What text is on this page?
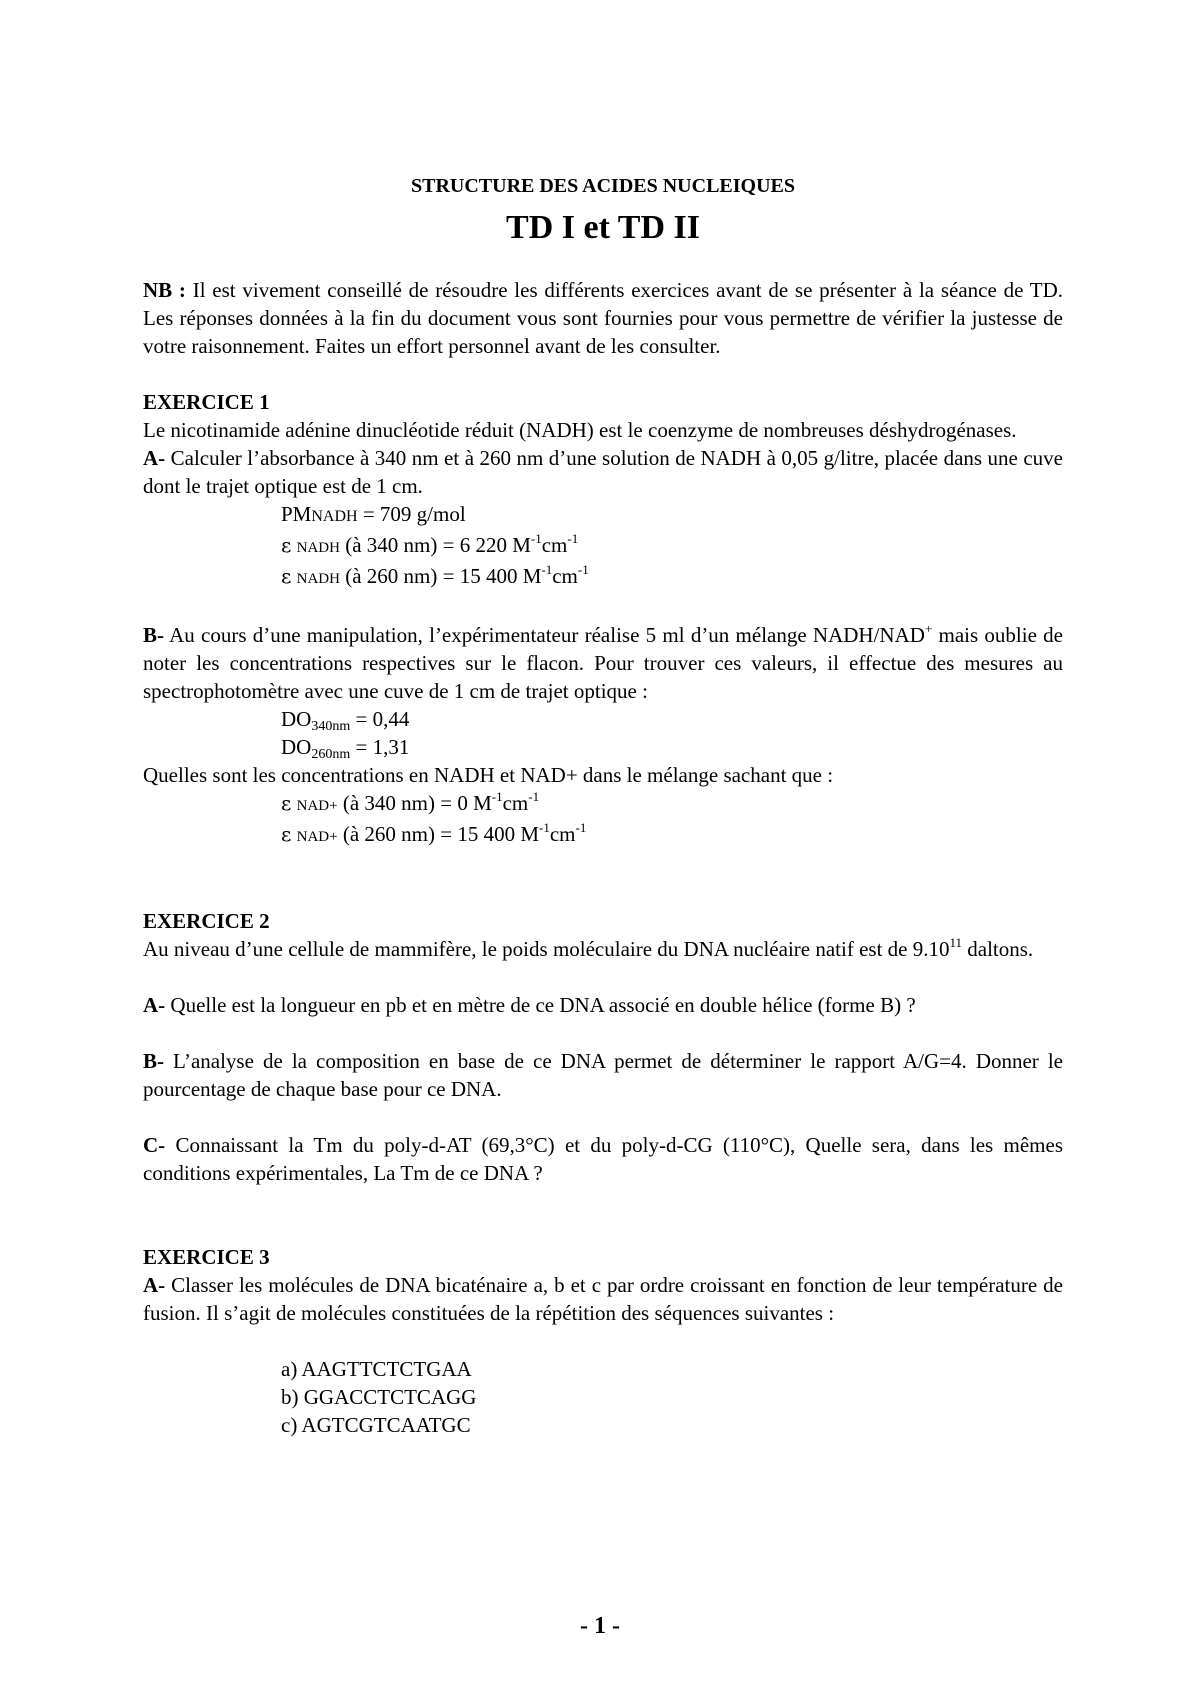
STRUCTURE DES ACIDES NUCLEIQUES

TD I et TD II

NB : Il est vivement conseillé de résoudre les différents exercices avant de se présenter à la séance de TD. Les réponses données à la fin du document vous sont fournies pour vous permettre de vérifier la justesse de votre raisonnement. Faites un effort personnel avant de les consulter.

EXERCICE 1

Le nicotinamide adénine dinucléotide réduit (NADH) est le coenzyme de nombreuses déshydrogénases.

A- Calculer l’absorbance à 340 nm et à 260 nm d’une solution de NADH à 0,05 g/litre, placée dans une cuve dont le trajet optique est de 1 cm.

PMNADH = 709 g/mol

ε NADH (à 340 nm) = 6 220 $M^{-1}cm^{-1}$

ε NADH (à 260 nm) = 15 400 $M^{-1}cm^{-1}$

B- Au cours d’une manipulation, l’expérimentateur réalise 5 ml d’un mélange NADH/NAD+ mais oublie de noter les concentrations respectives sur le flacon. Pour trouver ces valeurs, il effectue des mesures au spectrophotomètre avec une cuve de 1 cm de trajet optique :

$DO_{340nm} = 0,44$

$DO_{260nm} = 1,31$

Quelles sont les concentrations en NADH et NAD+ dans le mélange sachant que :

ε NAD+ (à 340 nm) = 0 $M^{-1}cm^{-1}$

ε NAD+ (à 260 nm) = 15 400 $M^{-1}cm^{-1}$

EXERCICE 2

Au niveau d’une cellule de mammifère, le poids moléculaire du DNA nucléaire natif est de 9.10$^{11}$ daltons.

A- Quelle est la longueur en pb et en mètre de ce DNA associé en double hélice (forme B) ?

B- L’analyse de la composition en base de ce DNA permet de déterminer le rapport A/G=4. Donner le pourcentage de chaque base pour ce DNA.

C- Connaissant la Tm du poly-d-AT (69,3°C) et du poly-d-CG (110°C), Quelle sera, dans les mêmes conditions expérimentales, La Tm de ce DNA ?

EXERCICE 3

A- Classer les molécules de DNA bicaténaire a, b et c par ordre croissant en fonction de leur température de fusion. Il s’agit de molécules constituées de la répétition des séquences suivantes :

a) AAGTTCTCTGAA

b) GGACCTCTCAGG

c) AGTCGTCAATGC

- 1 -
